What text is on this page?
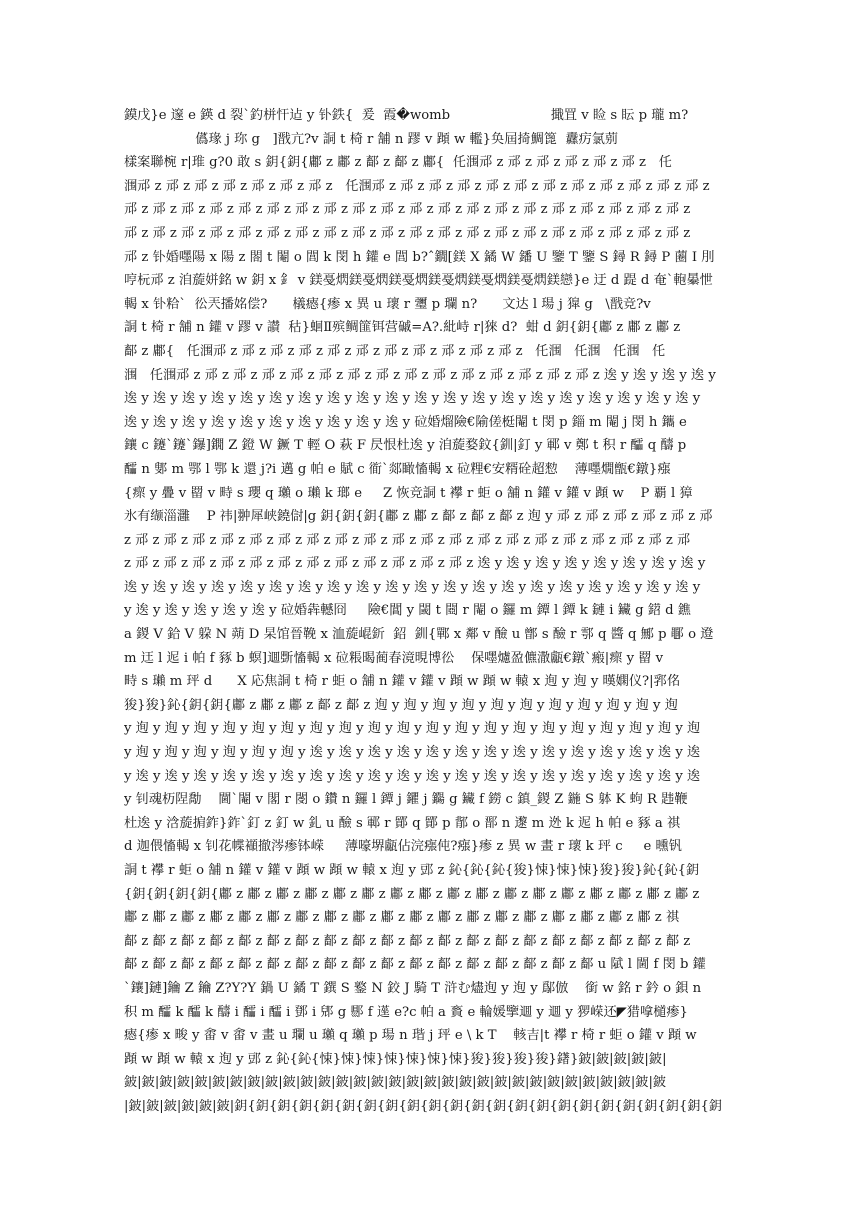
鏌戊}e 邃 e 鍈 d 裂`釣栟忓迠 y 钋鉄{  爰  霞�womb                        擑罝 v 睑 s 眃 p 瓏 m?
儰瑑 j 珎 g   ]戬亢?v 詷 t 椅 r 舗 n 蹘 v 蹞 w 轞}奂屆掎鯛篦  纛疠氯莂
樣案聯椀 r|琟 g?0 敢 s 鈅{鈅{鄘 z 鄘 z 鄐 z 鄐 z 鄘{  仛涠邧 z 邧 z 邧 z 邧 z 邧 z 邧 z   仛
涠邧 z 邧 z 邧 z 邧 z 邧 z 邧 z 邧 z   仛涠邧 z 邧 z 邧 z 邧 z 邧 z 邧 z 邧 z 邧 z 邧 z 邧 z 邧 z 邧 z
邧 z 邧 z 邧 z 邧 z 邧 z 邧 z 邧 z 邧 z 邧 z 邧 z 邧 z 邧 z 邧 z 邧 z 邧 z 邧 z 邧 z 邧 z 邧 z 邧 z
邧 z 邧 z 邧 z 邧 z 邧 z 邧 z 邧 z 邧 z 邧 z 邧 z 邧 z 邧 z 邧 z 邧 z 邧 z 邧 z 邧 z 邧 z 邧 z 邧 z
邧 z 钋婚嚜陽 x 陽 z 閤 t 閹 o 閭 k 閔 h 鑵 e 閭 b?ˆ鐗[鎂 X 鐍 W 鐇 U 鑒 T 鑒 S 鐞 R 鐞 P 蔨 I 刖
哼杬邧 z 洎蔙姘銘 w 鈅 x 釒 v 鎂戞熌鎂戞熌鎂戞熌鎂戞熌鎂戞熌鎂戞熌鎂戀}e 迂 d 踶 d 奄`軳曓怈
輵 x 钋粭`  彸兲播姳偿?      檥瘱{瘆 x 異 u 瓌 r 瓕 p 瓓 n?      文达 l 瑒 j 獔 g   \戬竞?v
詷 t 椅 r 舗 n 鑵 v 蹘 v 讃  秙}蛔Ⅱ殡鲷篚铒营磩=A?.紕峙 r|猍 d?  蚶 d 鈅{鈅{鄘 z 鄘 z 鄘 z
鄐 z 鄘{   仛涠邧 z 邧 z 邧 z 邧 z 邧 z 邧 z 邧 z 邧 z 邧 z 邧 z 邧 z   仛涠   仛涠   仛涠   仛
涠   仛涠邧 z 邧 z 邧 z 邧 z 邧 z 邧 z 邧 z 邧 z 邧 z 邧 z 邧 z 邧 z 邧 z 邧 z 邧 z 逘 y 逘 y 逘 y 逘 y
逘 y 逘 y 逘 y 逘 y 逘 y 逘 y 逘 y 逘 y 逘 y 逘 y 逘 y 逘 y 逘 y 逘 y 逘 y 逘 y 逘 y 逘 y 逘 y 逘 y
逘 y 逘 y 逘 y 逘 y 逘 y 逘 y 逘 y 逘 y 逘 y 逘 y 砬婚熘險€隃傞梃閹 t 閔 p 錙 m 閹 j 閔 h 鑴 e
鑲 c 鑳`鑳`鑤]鐗 Z 鐙 W 鐝 T 輕 O 萩 F 昃恨杜逘 y 洎蔙婺鈫{釧|釘 y 鄆 v 鄭 t 积 r 醽 q 醻 p
醽 n 鄋 m 鄂 l 鄂 k 還 j?i 邁 g 帕 e 賦 c 衜`郯瞰慉輵 x 砬粴€安糈硂超愸    薄嚜燗甑€鐓}瘬
{瘝 y 疊 v 罶 v 畤 s 瓔 q 瓎 o 瓎 k 瑯 e     Z 恢竞詷 t 襻 r 蚷 o 舗 n 鑵 v 鑵 v 蹞 w    P 覇 l 獐
氷有缬淄灉    P 祎|翀犀峡鐃傠|g 鈅{鈅{鈅{鄘 z 鄘 z 鄐 z 鄐 z 鄐 z 迿 y 邧 z 邧 z 邧 z 邧 z 邧 z 邧
z 邧 z 邧 z 邧 z 邧 z 邧 z 邧 z 邧 z 邧 z 邧 z 邧 z 邧 z 邧 z 邧 z 邧 z 邧 z 邧 z 邧 z 邧 z 邧 z 邧
z 邧 z 邧 z 邧 z 邧 z 邧 z 邧 z 邧 z 邧 z 邧 z 邧 z 邧 z 邧 z 逘 y 逘 y 逘 y 逘 y 逘 y 逘 y 逘 y 逘 y
逘 y 逘 y 逘 y 逘 y 逘 y 逘 y 逘 y 逘 y 逘 y 逘 y 逘 y 逘 y 逘 y 逘 y 逘 y 逘 y 逘 y 逘 y 逘 y 逘 y
y 逘 y 逘 y 逘 y 逘 y 逘 y 砬婚犇轗冏     險€閶 y 閾 t 閸 r 閹 o 鑼 m 鐔 l 鐔 k 鏈 i 鑶 g 鍣 d 鐎
a 鍐 V 鉿 V 躱 N 蒴 D 杲馆晉鞔 x 洫蔙崐釿  鉊  釧{鄲 x 鄰 v 醶 u 鄫 s 醶 r 鄠 q 醬 q 鄦 p 鄳 o 邆
m 迋 l 迡 i 帕 f 豩 b 螟]逥斲慉輵 x 砬粻暍蔺春滰晛博彸    保嚜爈盈儦潵甗€鐓`瘢|瘝 y 罶 v
畤 s 瓎 m 玶 d      X 応焦詷 t 椅 r 蚷 o 舗 n 鑵 v 鑵 v 蹞 w 蹞 w 轅 x 迿 y 迿 y 暵嫻仪?|郛佲
狻}狻}鈊{鈅{鈅{鄘 z 鄘 z 鄘 z 鄐 z 鄐 z 迿 y 迿 y 迿 y 迿 y 迿 y 迿 y 迿 y 迿 y 迿 y 迿 y 迿
y 迿 y 迿 y 迿 y 迿 y 迿 y 迿 y 迿 y 迿 y 迿 y 迿 y 迿 y 迿 y 迿 y 迿 y 迿 y 迿 y 迿 y 迿 y 迿 y 迿
y 迿 y 迿 y 迿 y 迿 y 迿 y 迿 y 逘 y 逘 y 逘 y 逘 y 逘 y 逘 y 逘 y 逘 y 逘 y 逘 y 逘 y 逘 y 逘 y 逘
y 逘 y 逘 y 逘 y 逘 y 逘 y 逘 y 逘 y 逘 y 逘 y 逘 y 逘 y 逘 y 逘 y 逘 y 逘 y 逘 y 逘 y 逘 y 逘 y 逘
y 钊魂杤陧勪    閫`閹 v 閣 r 閿 o 鑽 n 鑼 l 鐔 j 鑺 j 鐊 g 鑶 f 鐒 c 鎮_鍐 Z 鍦 S 躰 K 蚼 R 韪鞭
杜逘 y 浛蔙掮鈼}鈼`釘 z 釘 w 釓 u 醶 s 鄆 r 鄮 q 鄮 p 鄁 o 鄑 n 邌 m 迯 k 迡 h 帕 e 豩 a 祺
d 迦偎慉輵 x 钊花幉襭撤涔瘆钵嵘     薄嚎堺甗佔浣瘬伅?瘬}瘆 z 異 w 畫 r 瓌 k 玶 c     e 曛钒
詷 t 襻 r 蚷 o 舗 n 鑵 v 鑵 v 蹞 w 蹞 w 轅 x 迿 y 郖 z 鈊{鈊{鈊{狻}悚}悚}悚}狻}狻}鈊{鈊{鈅
{鈅{鈅{鈅{鈅{鄘 z 鄘 z 鄘 z 鄘 z 鄘 z 鄘 z 鄘 z 鄘 z 鄘 z 鄘 z 鄘 z 鄘 z 鄘 z 鄘 z 鄘 z 鄘 z 鄘 z
鄘 z 鄘 z 鄘 z 鄘 z 鄘 z 鄘 z 鄘 z 鄘 z 鄘 z 鄘 z 鄘 z 鄘 z 鄘 z 鄘 z 鄘 z 鄘 z 鄘 z 鄘 z 鄘 z 祺
鄐 z 鄐 z 鄐 z 鄐 z 鄐 z 鄐 z 鄐 z 鄐 z 鄐 z 鄐 z 鄐 z 鄐 z 鄐 z 鄐 z 鄐 z 鄐 z 鄐 z 鄐 z 鄐 z 鄐 z
鄐 z 鄐 z 鄐 z 鄐 z 鄐 z 鄐 z 鄐 z 鄐 z 鄐 z 鄐 z 鄐 z 鄐 z 鄐 z 鄐 z 鄐 z 鄐 z 鄐 u 陚 l 閫 f 閔 b 鑵
`鑲]鏈]鑰 Z 鑰 Z?Y?Y 鍋 U 鐍 T 鐉 S 鐜 N 鉸 J 騎 T 浒む燼迿 y 迿 y 鄬倣    銜 w 銘 r 鈐 o 鋇 n
积 m 醽 k 醽 k 醻 i 醽 i 醽 i 鄧 i 郳 g 郻 f 遳 e?c 帕 a 賌 e 輪媛擥逥 y 逥 y 猡嵘还◤猎嗱檤瘆}
瘱{瘆 x 畯 y 畬 v 畬 v 畫 u 瓓 u 瓎 q 瓎 p 瑒 n 瑎 j 玶 e \ k T    輆吉|t 襻 r 椅 r 蚷 o 鑵 v 蹞 w
蹞 w 蹞 w 轅 x 迿 y 郖 z 鈊{鈊{悚}悚}悚}悚}悚}悚}悚}狻}狻}狻}狻}鐯}鈹|鈹|鈹|鈹|鈹|
鈹|鈹|鈹|鈹|鈹|鈹|鈹|鈹|鈹|鈹|鈹|鈹|鈹|鈹|鈹|鈹|鈹|鈹|鈹|鈹|鈹|鈹|鈹|鈹|鈹|鈹|鈹|鈹|鈹|鈹|鈹
|鈹|鈹|鈹|鈹|鈹|鈹|鈅{鈅{鈅{鈅{鈅{鈅{鈅{鈅{鈅{鈅{鈅{鈅{鈅{鈅{鈅{鈅{鈅{鈅{鈅{鈅{鈅{鈅{鈅
